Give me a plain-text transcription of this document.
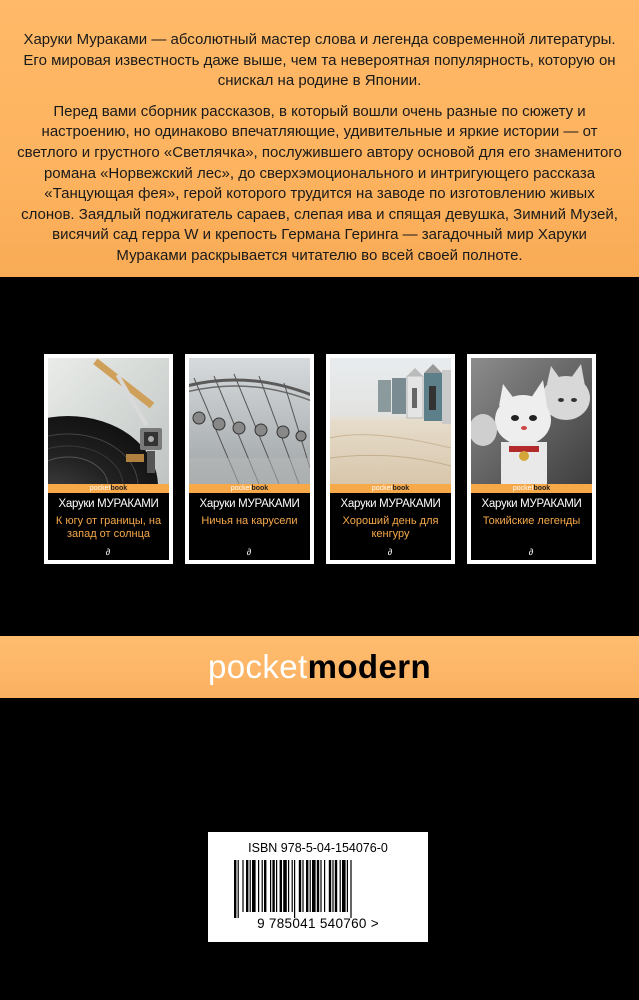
Харуки Мураками — абсолютный мастер слова и легенда современной литературы. Его мировая известность даже выше, чем та невероятная популярность, которую он снискал на родине в Японии.

Перед вами сборник рассказов, в который вошли очень разные по сюжету и настроению, но одинаково впечатляющие, удивительные и яркие истории — от светлого и грустного «Светлячка», послужившего автору основой для его знаменитого романа «Норвежский лес», до сверхэмоционального и интригующего рассказа «Танцующая фея», герой которого трудится на заводе по изготовлению живых слонов. Заядлый поджигатель сараев, слепая ива и спящая девушка, Зимний Музей, висячий сад герра W и крепость Германа Геринга — загадочный мир Харуки Мураками раскрывается читателю во всей своей полноте.

pocketbook
Харуки МУРАКАМИ
К югу от границы, на запад от солнца
∂
pocketbook
Харуки МУРАКАМИ
Ничья на карусели
∂
pocketbook
Харуки МУРАКАМИ
Хороший день для кенгуру
∂
pocketbook
Харуки МУРАКАМИ
Токийские легенды
∂
pocketmodern
ISBN 978-5-04-154076-0
9 785041 540760 >
